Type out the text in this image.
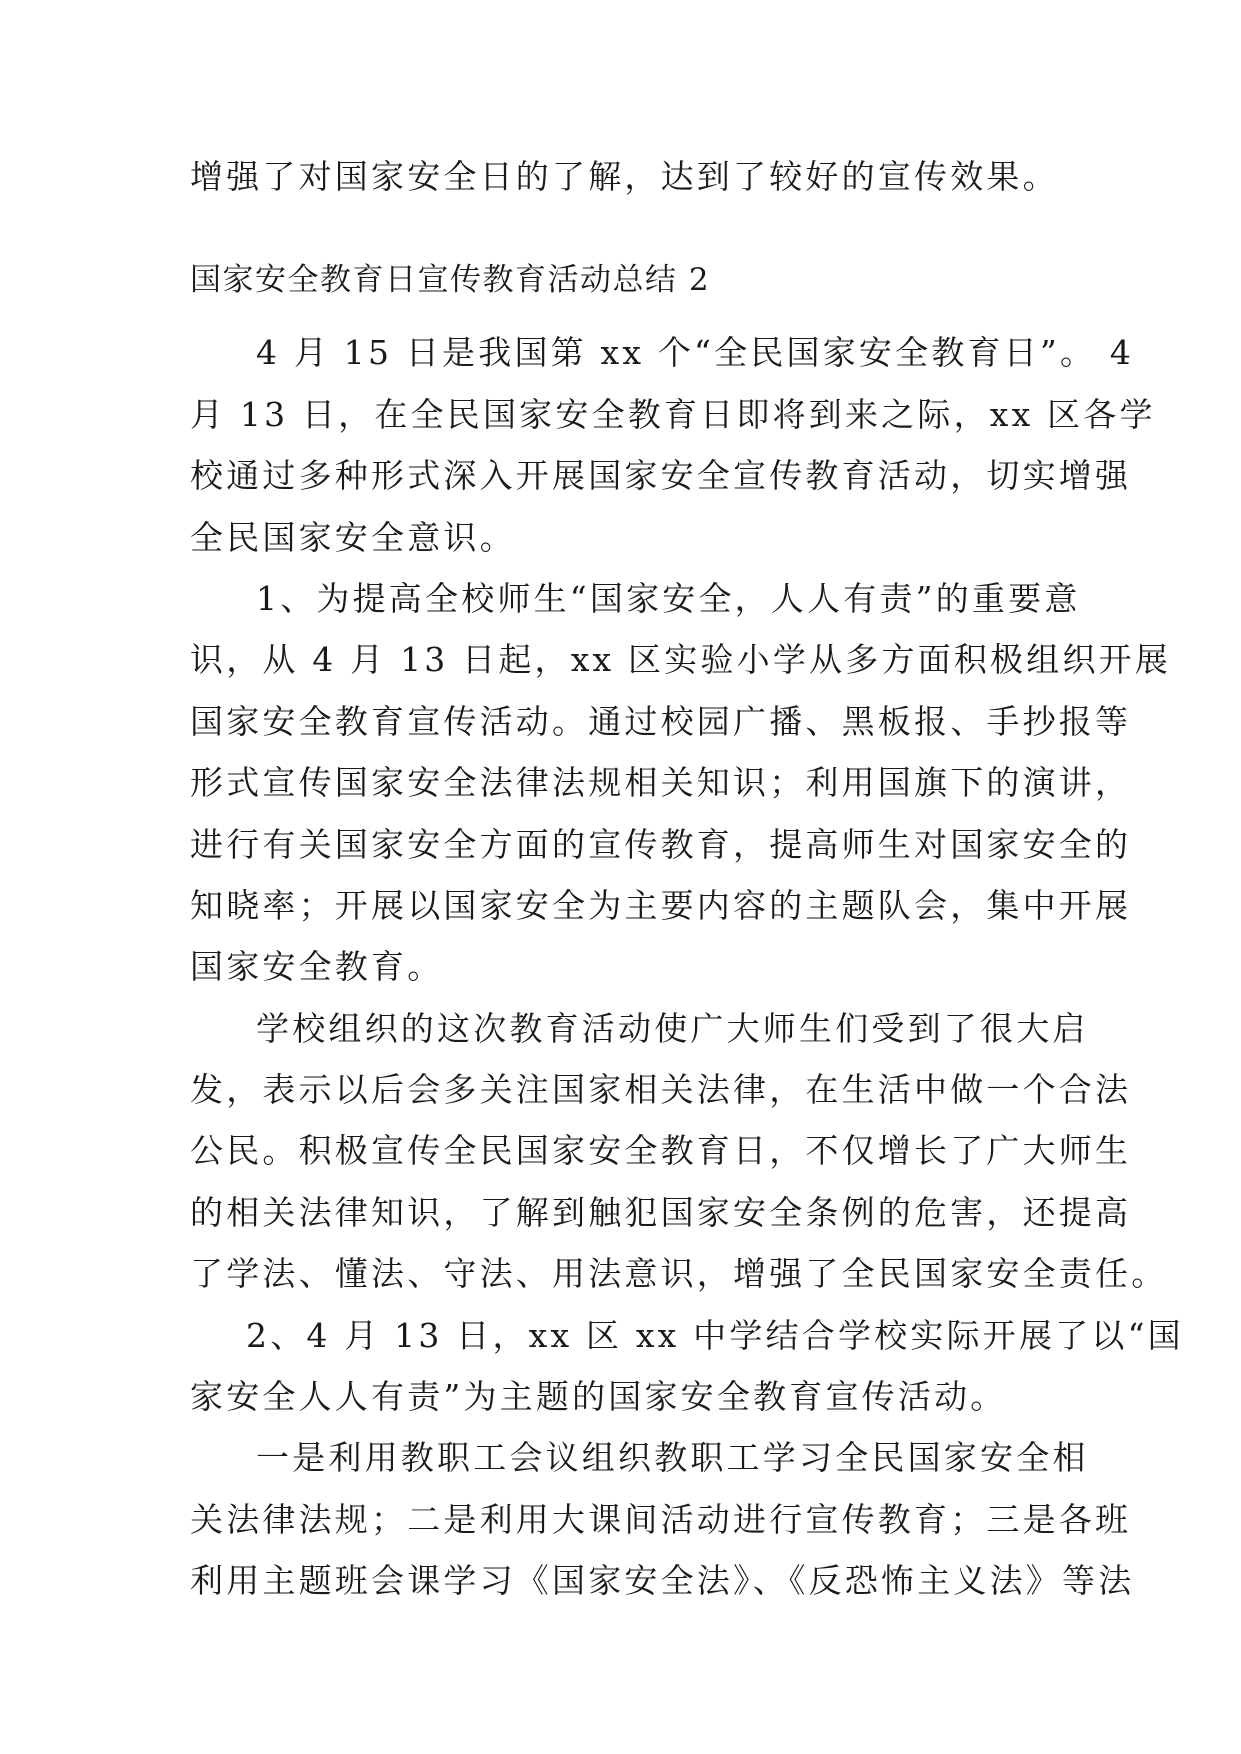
增强了对国家安全日的了解，达到了较好的宣传效果。
国家安全教育日宣传教育活动总结 2
4 月 15 日是我国第 xx 个“全民国家安全教育日”。 4
月 13 日，在全民国家安全教育日即将到来之际，xx 区各学
校通过多种形式深入开展国家安全宣传教育活动，切实增强
全民国家安全意识。
1、为提高全校师生“国家安全，人人有责”的重要意
识，从 4 月 13 日起，xx 区实验小学从多方面积极组织开展
国家安全教育宣传活动。通过校园广播、黑板报、手抄报等
形式宣传国家安全法律法规相关知识；利用国旗下的演讲，
进行有关国家安全方面的宣传教育，提高师生对国家安全的
知晓率；开展以国家安全为主要内容的主题队会，集中开展
国家安全教育。
学校组织的这次教育活动使广大师生们受到了很大启
发，表示以后会多关注国家相关法律，在生活中做一个合法
公民。积极宣传全民国家安全教育日，不仅增长了广大师生
的相关法律知识，了解到触犯国家安全条例的危害，还提高
了学法、懂法、守法、用法意识，增强了全民国家安全责任。
2、4 月 13 日，xx 区 xx 中学结合学校实际开展了以“国
家安全人人有责”为主题的国家安全教育宣传活动。
一是利用教职工会议组织教职工学习全民国家安全相
关法律法规；二是利用大课间活动进行宣传教育；三是各班
利用主题班会课学习《国家安全法》、《反恐怖主义法》等法
